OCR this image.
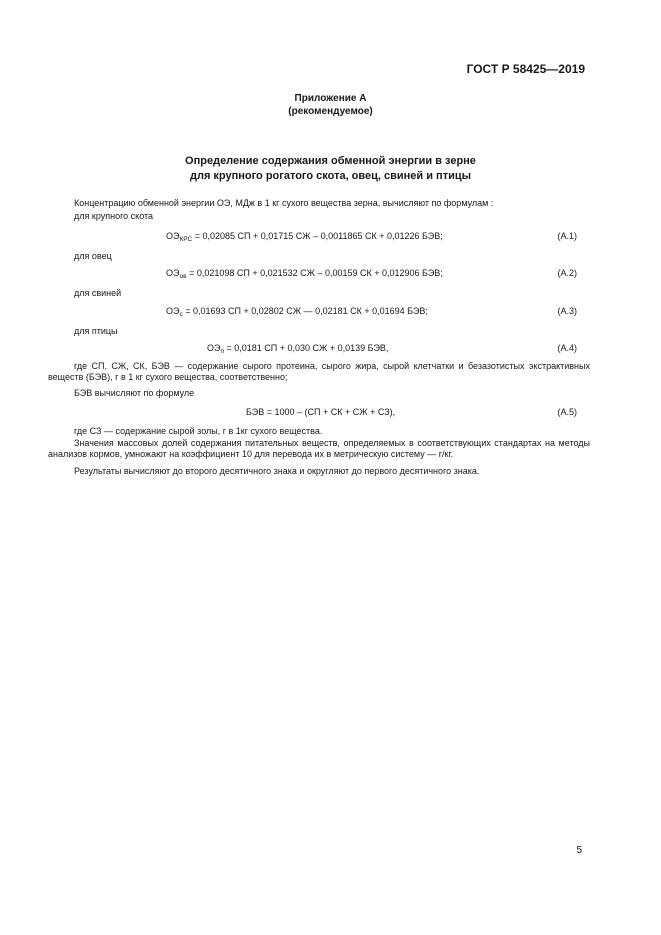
ГОСТ Р 58425—2019
Приложение А
(рекомендуемое)
Определение содержания обменной энергии в зерне
для крупного рогатого скота, овец, свиней и птицы
Концентрацию обменной энергии ОЭ, МДж в 1 кг сухого вещества зерна, вычисляют по формулам :
для крупного скота
$ОЭ_{КРС} = 0,02085$ СП + 0,01715 СЖ – 0,0011865 СК + 0,01226 БЭВ;	(А.1)
для овец
$ОЭ_{ов} = 0,021098$ СП + 0,021532 СЖ – 0,00159 СК + 0,012906 БЭВ;	(А.2)
для свиней
$ОЭ_с = 0,01693$ СП + 0,02802 СЖ — 0,02181 СК + 0,01694 БЭВ;	(А.3)
для птицы
$ОЭ_п = 0,0181$ СП + 0,030 СЖ + 0,0139 БЭВ,	(А.4)
где СП, СЖ, СК, БЭВ — содержание сырого протеина, сырого жира, сырой клетчатки и безазотистых экстрактивных веществ (БЭВ), г в 1 кг сухого вещества, соответственно;
БЭВ вычисляют по формуле
БЭВ = 1000 – (СП + СК + СЖ + СЗ),	(А.5)
где СЗ — содержание сырой золы, г в 1кг сухого вещества.
Значения массовых долей содержания питательных веществ, определяемых в соответствующих стандартах на методы анализов кормов, умножают на коэффициент 10 для перевода их в метрическую систему — г/кг.
Результаты вычисляют до второго десятичного знака и округляют до первого десятичного знака.
5
